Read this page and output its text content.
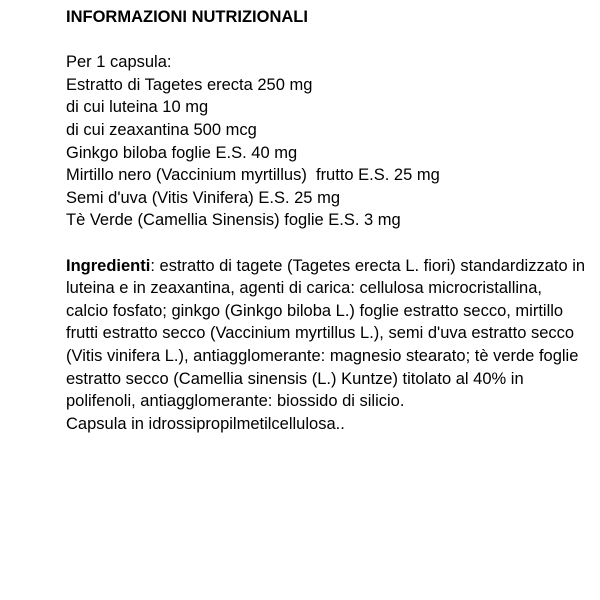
INFORMAZIONI NUTRIZIONALI

Per 1 capsula:

Estratto di Tagetes erecta 250 mg

di cui luteina 10 mg

di cui zeaxantina 500 mcg

Ginkgo biloba foglie E.S. 40 mg

Mirtillo nero (Vaccinium myrtillus)  frutto E.S. 25 mg

Semi d'uva (Vitis Vinifera) E.S. 25 mg

Tè Verde (Camellia Sinensis) foglie E.S. 3 mg

Ingredienti: estratto di tagete (Tagetes erecta L. fiori) standardizzato in luteina e in zeaxantina, agenti di carica: cellulosa microcristallina, calcio fosfato; ginkgo (Ginkgo biloba L.) foglie estratto secco, mirtillo frutti estratto secco (Vaccinium myrtillus L.), semi d'uva estratto secco (Vitis vinifera L.), antiagglomerante: magnesio stearato; tè verde foglie estratto secco (Camellia sinensis (L.) Kuntze) titolato al 40% in polifenoli, antiagglomerante: biossido di silicio.

Capsula in idrossipropilmetilcellulosa..
